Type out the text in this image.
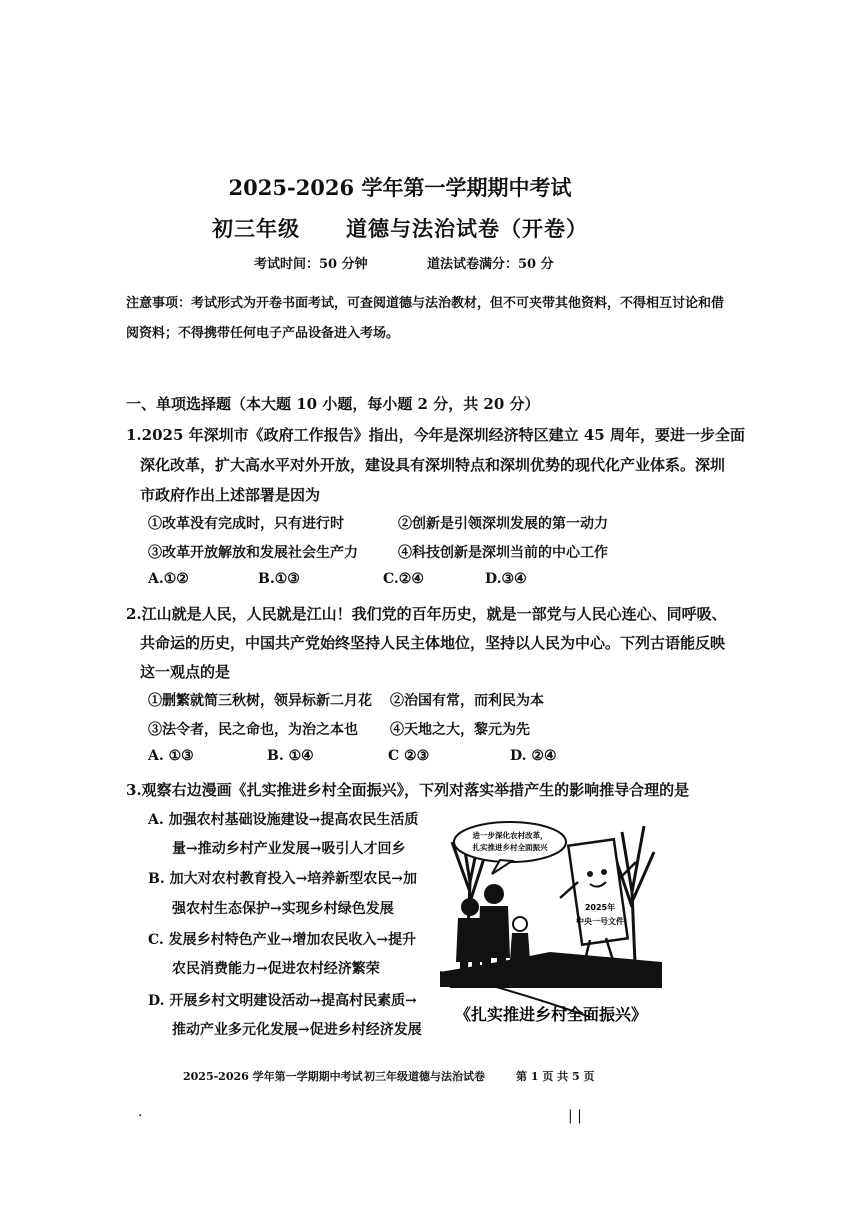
2025-2026 学年第一学期期中考试
初三年级 道德与法治试卷（开卷）
考试时间：50 分钟	道法试卷满分：50 分
注意事项：考试形式为开卷书面考试，可查阅道德与法治教材，但不可夹带其他资料，不得相互讨论和借
阅资料；不得携带任何电子产品设备进入考场。
一、单项选择题（本大题 10 小题，每小题 2 分，共 20 分）
1.2025 年深圳市《政府工作报告》指出，今年是深圳经济特区建立 45 周年，要进一步全面
深化改革，扩大高水平对外开放，建设具有深圳特点和深圳优势的现代化产业体系。深圳
市政府作出上述部署是因为
①改革没有完成时，只有进行时	②创新是引领深圳发展的第一动力
③改革开放解放和发展社会生产力	④科技创新是深圳当前的中心工作
A.①②	B.①③	C.②④	D.③④
2.江山就是人民，人民就是江山！我们党的百年历史，就是一部党与人民心连心、同呼吸、
共命运的历史，中国共产党始终坚持人民主体地位，坚持以人民为中心。下列古语能反映
这一观点的是
①删繁就简三秋树，领异标新二月花 ②治国有常，而利民为本
③法令者，民之命也，为治之本也 ④天地之大，黎元为先
A. ①③	B. ①④	C ②③	D. ②④
3.观察右边漫画《扎实推进乡村全面振兴》，下列对落实举措产生的影响推导合理的是
A. 加强农村基础设施建设→提高农民生活质
量→推动乡村产业发展→吸引人才回乡
B. 加大对农村教育投入→培养新型农民→加
强农村生态保护→实现乡村绿色发展
C. 发展乡村特色产业→增加农民收入→提升
农民消费能力→促进农村经济繁荣
D. 开展乡村文明建设活动→提高村民素质→
推动产业多元化发展→促进乡村经济发展
进一步深化农村改革，
扎实推进乡村全面振兴
2025年
中央一号文件
《扎实推进乡村全面振兴》
2025-2026 学年第一学期期中考试 初三年级道德与法治试卷	第 1 页 共 5 页
·	| |
